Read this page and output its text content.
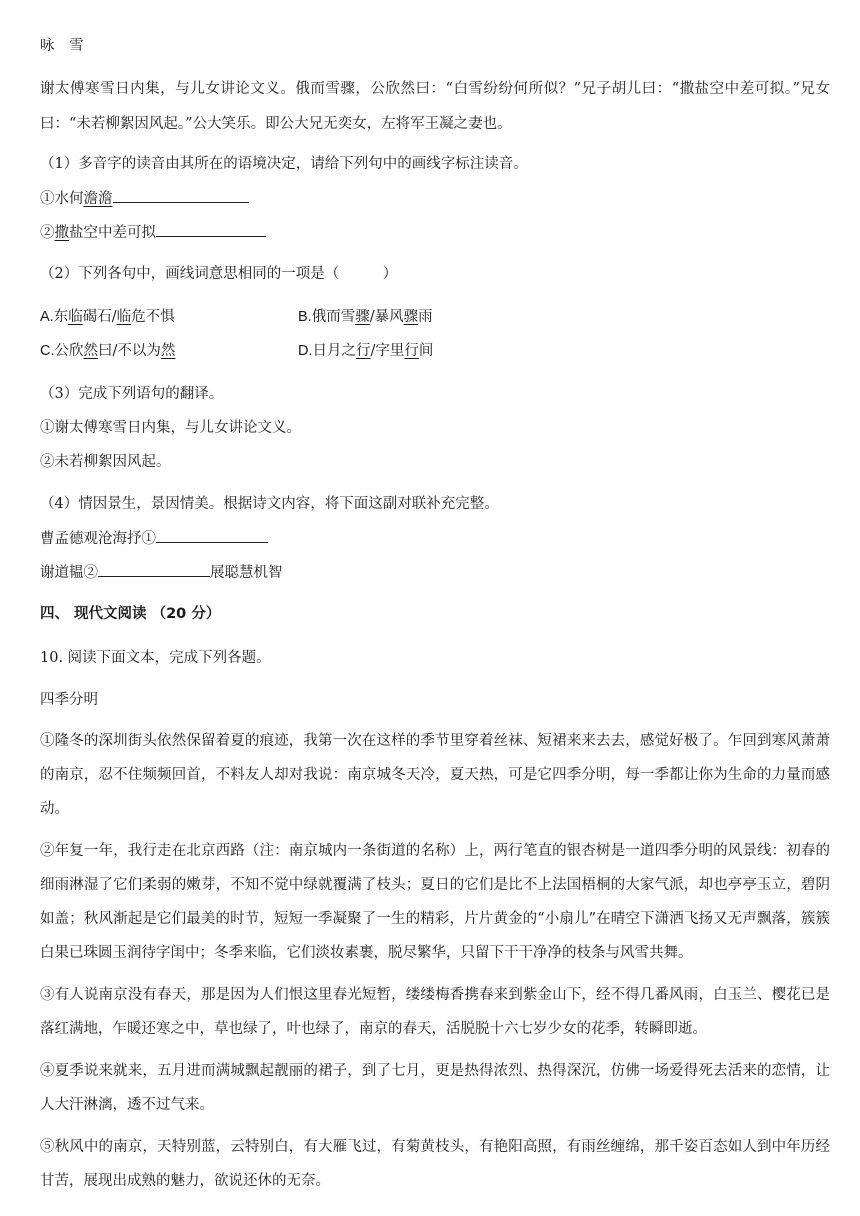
咏　雪
谢太傅寒雪日内集，与儿女讲论文义。俄而雪骤，公欣然曰：“白雪纷纷何所似？”兄子胡儿曰：“撒盐空中差可拟。”兄女曰：“未若柳絮因风起。”公大笑乐。即公大兄无奕女，左将军王凝之妻也。
（1）多音字的读音由其所在的语境决定，请给下列句中的画线字标注读音。
①水何澹澹
②撒盐空中差可拟
（2）下列各句中，画线词意思相同的一项是（　　　）
A.东临碣石/临危不惧	B.俄而雪骤/暴风骤雨
C.公欣然曰/不以为然	D.日月之行/字里行间
（3）完成下列语句的翻译。
①谢太傅寒雪日内集，与儿女讲论文义。
②未若柳絮因风起。
（4）情因景生，景因情美。根据诗文内容，将下面这副对联补充完整。
曹孟德观沧海抒①
谢道韫②	展聪慧机智
四、 现代文阅读 （20 分）
10. 阅读下面文本，完成下列各题。
四季分明
①隆冬的深圳街头依然保留着夏的痕迹，我第一次在这样的季节里穿着丝袜、短裙来来去去，感觉好极了。乍回到寒风萧萧的南京，忍不住频频回首，不料友人却对我说：南京城冬天冷，夏天热，可是它四季分明，每一季都让你为生命的力量而感动。
②年复一年，我行走在北京西路（注：南京城内一条街道的名称）上，两行笔直的银杏树是一道四季分明的风景线：初春的细雨淋湿了它们柔弱的嫩芽，不知不觉中绿就覆满了枝头；夏日的它们是比不上法国梧桐的大家气派，却也亭亭玉立，碧阴如盖；秋风渐起是它们最美的时节，短短一季凝聚了一生的精彩，片片黄金的“小扇儿”在晴空下潇洒飞扬又无声飘落，簇簇白果已珠圆玉润待字闺中；冬季来临，它们淡妆素裹，脱尽繁华，只留下干干净净的枝条与风雪共舞。
③有人说南京没有春天，那是因为人们恨这里春光短暂，缕缕梅香携春来到紫金山下，经不得几番风雨，白玉兰、樱花已是落红满地，乍暖还寒之中，草也绿了，叶也绿了，南京的春天，活脱脱十六七岁少女的花季，转瞬即逝。
④夏季说来就来，五月进而满城飘起靓丽的裙子，到了七月，更是热得浓烈、热得深沉，仿佛一场爱得死去活来的恋情，让人大汗淋漓，透不过气来。
⑤秋风中的南京，天特别蓝，云特别白，有大雁飞过，有菊黄枝头，有艳阳高照，有雨丝缠绵，那千姿百态如人到中年历经甘苦，展现出成熟的魅力，欲说还休的无奈。
